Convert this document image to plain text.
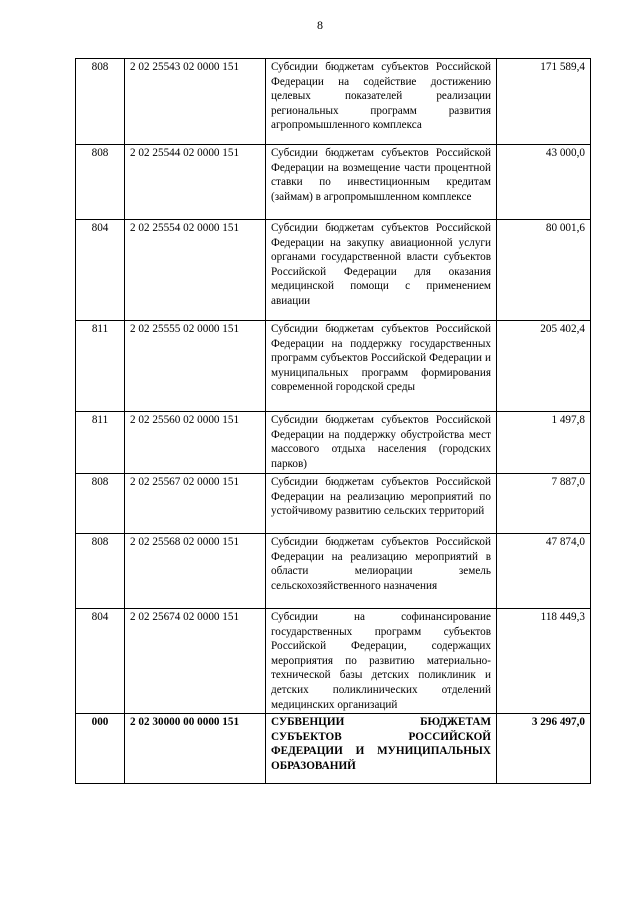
8
808	2 02 25543 02 0000 151	Субсидии бюджетам субъектов Российской Федерации на содействие достижению целевых показателей реализации региональных программ развития агропромышленного комплекса	171 589,4
808	2 02 25544 02 0000 151	Субсидии бюджетам субъектов Российской Федерации на возмещение части процентной ставки по инвестиционным кредитам (займам) в агропромышленном комплексе	43 000,0
804	2 02 25554 02 0000 151	Субсидии бюджетам субъектов Российской Федерации на закупку авиационной услуги органами государственной власти субъектов Российской Федерации для оказания медицинской помощи с применением авиации	80 001,6
811	2 02 25555 02 0000 151	Субсидии бюджетам субъектов Российской Федерации на поддержку государственных программ субъектов Российской Федерации и муниципальных программ формирования современной городской среды	205 402,4
811	2 02 25560 02 0000 151	Субсидии бюджетам субъектов Российской Федерации на поддержку обустройства мест массового отдыха населения (городских парков)	1 497,8
808	2 02 25567 02 0000 151	Субсидии бюджетам субъектов Российской Федерации на реализацию мероприятий по устойчивому развитию сельских территорий	7 887,0
808	2 02 25568 02 0000 151	Субсидии бюджетам субъектов Российской Федерации на реализацию мероприятий в области мелиорации земель сельскохозяйственного назначения	47 874,0
804	2 02 25674 02 0000 151	Субсидии на софинансирование государственных программ субъектов Российской Федерации, содержащих мероприятия по развитию материально-технической базы детских поликлиник и детских поликлинических отделений медицинских организаций	118 449,3
000	2 02 30000 00 0000 151	СУБВЕНЦИИ БЮДЖЕТАМ СУБЪЕКТОВ РОССИЙСКОЙ ФЕДЕРАЦИИ И МУНИЦИПАЛЬНЫХ ОБРАЗОВАНИЙ	3 296 497,0
